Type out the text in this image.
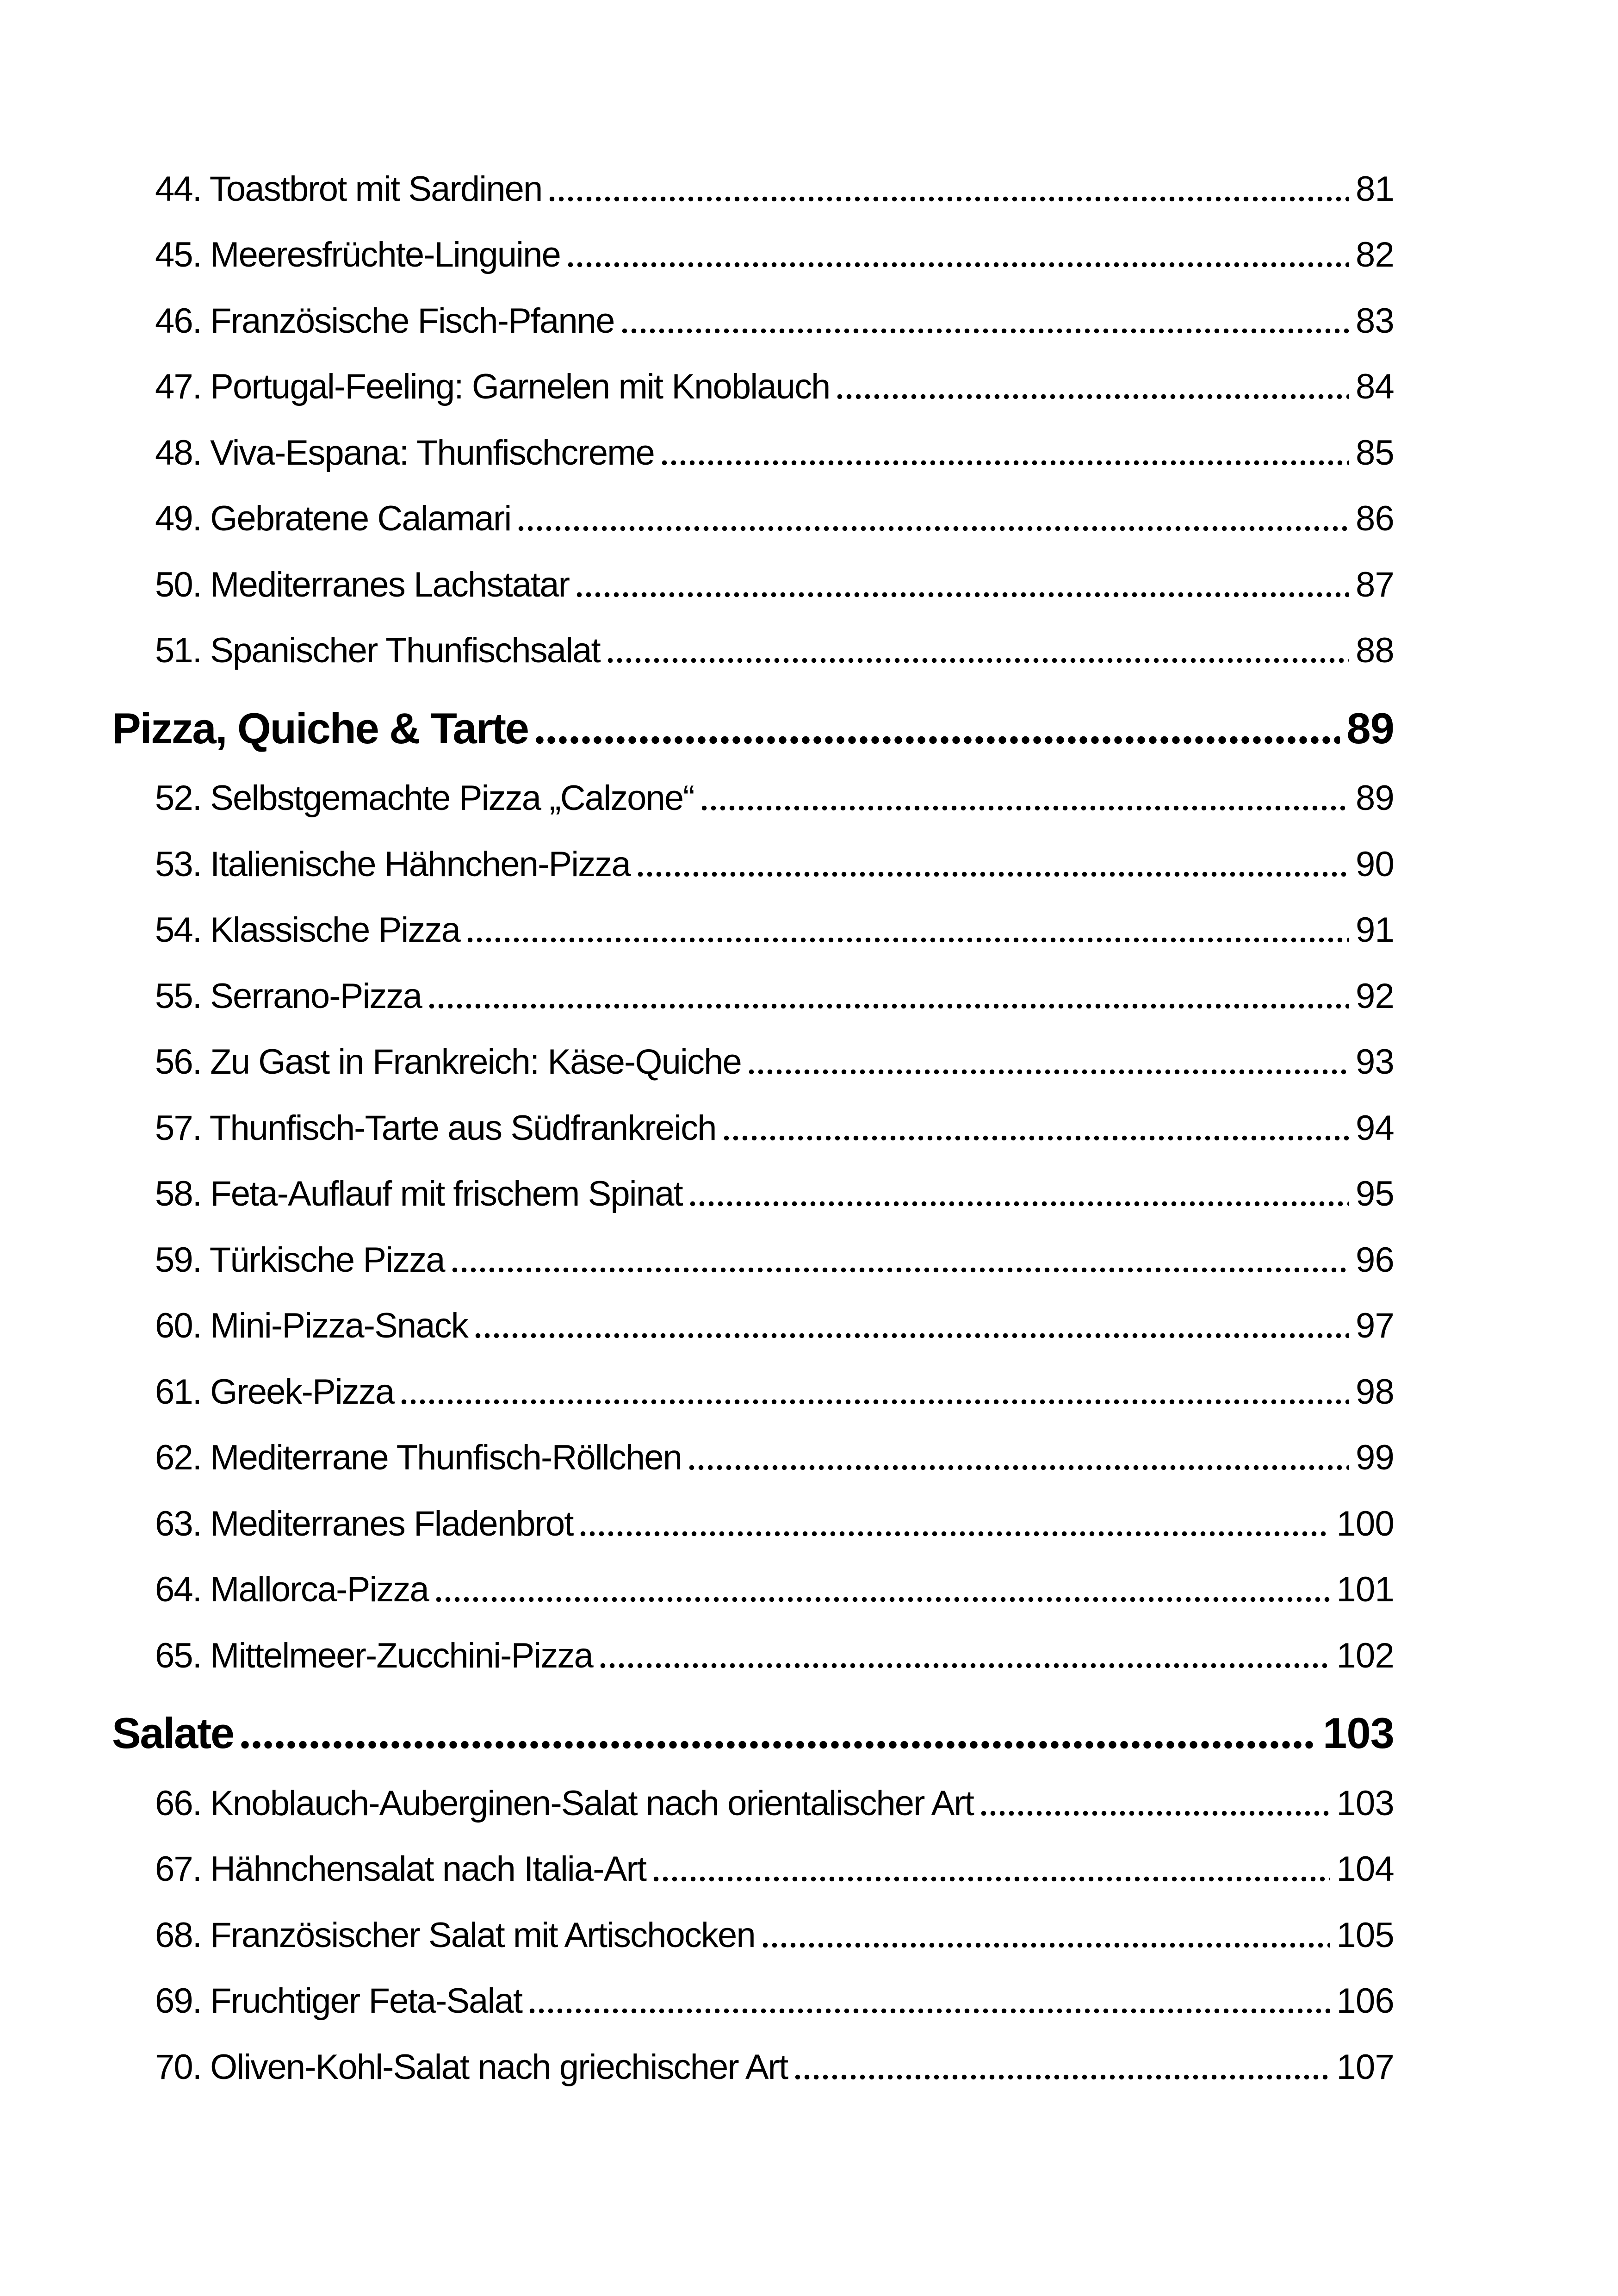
44. Toastbrot mit Sardinen	81
45. Meeresfrüchte-Linguine	82
46. Französische Fisch-Pfanne	83
47. Portugal-Feeling: Garnelen mit Knoblauch	84
48. Viva-Espana: Thunfischcreme	85
49. Gebratene Calamari	86
50. Mediterranes Lachstatar	87
51. Spanischer Thunfischsalat	88
Pizza, Quiche & Tarte	89
52. Selbstgemachte Pizza „Calzone“	89
53. Italienische Hähnchen-Pizza	90
54. Klassische Pizza	91
55. Serrano-Pizza	92
56. Zu Gast in Frankreich: Käse-Quiche	93
57. Thunfisch-Tarte aus Südfrankreich	94
58. Feta-Auflauf mit frischem Spinat	95
59. Türkische Pizza	96
60. Mini-Pizza-Snack	97
61. Greek-Pizza	98
62. Mediterrane Thunfisch-Röllchen	99
63. Mediterranes Fladenbrot	100
64. Mallorca-Pizza	101
65. Mittelmeer-Zucchini-Pizza	102
Salate	103
66. Knoblauch-Auberginen-Salat nach orientalischer Art	103
67. Hähnchensalat nach Italia-Art	104
68. Französischer Salat mit Artischocken	105
69. Fruchtiger Feta-Salat	106
70. Oliven-Kohl-Salat nach griechischer Art	107
